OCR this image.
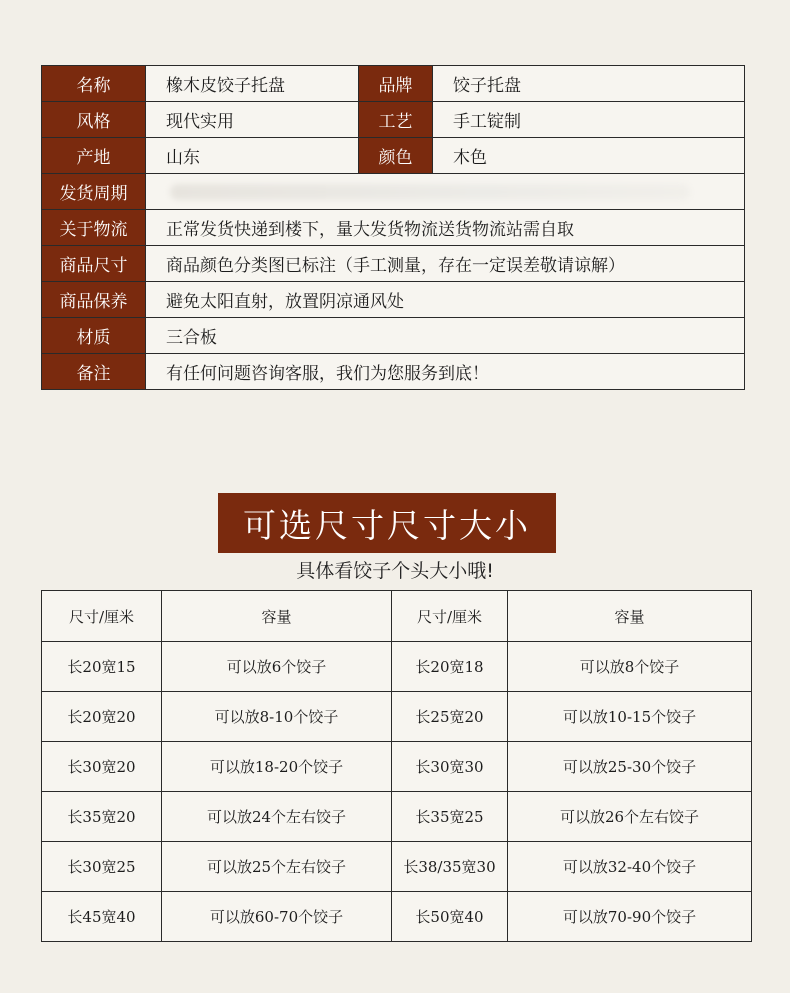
名称	橡木皮饺子托盘	品牌	饺子托盘
风格	现代实用	工艺	手工锭制
产地	山东	颜色	木色
发货周期			

关于物流	正常发货快递到楼下，量大发货物流送货物流站需自取		
商品尺寸	商品颜色分类图已标注（手工测量，存在一定误差敬请谅解）		
商品保养	避免太阳直射，放置阴凉通风处		
材质	三合板		
备注	有任何问题咨询客服，我们为您服务到底！		
可选尺寸尺寸大小
具体看饺子个头大小哦!
尺寸/厘米	容量	尺寸/厘米	容量
长20宽15	可以放6个饺子	长20宽18	可以放8个饺子
长20宽20	可以放8-10个饺子	长25宽20	可以放10-15个饺子
长30宽20	可以放18-20个饺子	长30宽30	可以放25-30个饺子
长35宽20	可以放24个左右饺子	长35宽25	可以放26个左右饺子
长30宽25	可以放25个左右饺子	长38/35宽30	可以放32-40个饺子
长45宽40	可以放60-70个饺子	长50宽40	可以放70-90个饺子
